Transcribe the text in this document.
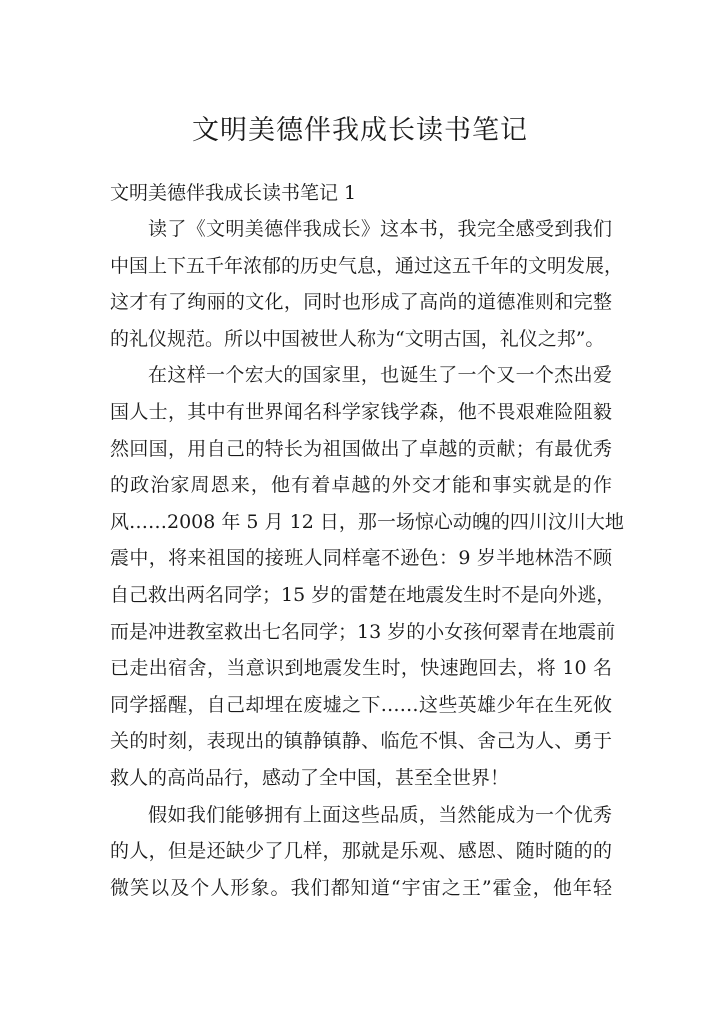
文明美德伴我成长读书笔记
文明美德伴我成长读书笔记 1
读了《文明美德伴我成长》这本书，我完全感受到我们
中国上下五千年浓郁的历史气息，通过这五千年的文明发展，
这才有了绚丽的文化，同时也形成了高尚的道德准则和完整
的礼仪规范。所以中国被世人称为“文明古国，礼仪之邦”。
在这样一个宏大的国家里，也诞生了一个又一个杰出爱
国人士，其中有世界闻名科学家钱学森，他不畏艰难险阻毅
然回国，用自己的特长为祖国做出了卓越的贡献；有最优秀
的政治家周恩来，他有着卓越的外交才能和事实就是的作
风……2008 年 5 月 12 日，那一场惊心动魄的四川汶川大地
震中，将来祖国的接班人同样毫不逊色：9 岁半地林浩不顾
自己救出两名同学；15 岁的雷楚在地震发生时不是向外逃，
而是冲进教室救出七名同学；13 岁的小女孩何翠青在地震前
已走出宿舍，当意识到地震发生时，快速跑回去，将 10 名
同学摇醒，自己却埋在废墟之下……这些英雄少年在生死攸
关的时刻，表现出的镇静镇静、临危不惧、舍己为人、勇于
救人的高尚品行，感动了全中国，甚至全世界！
假如我们能够拥有上面这些品质，当然能成为一个优秀
的人，但是还缺少了几样，那就是乐观、感恩、随时随的的
微笑以及个人形象。我们都知道“宇宙之王”霍金，他年轻
